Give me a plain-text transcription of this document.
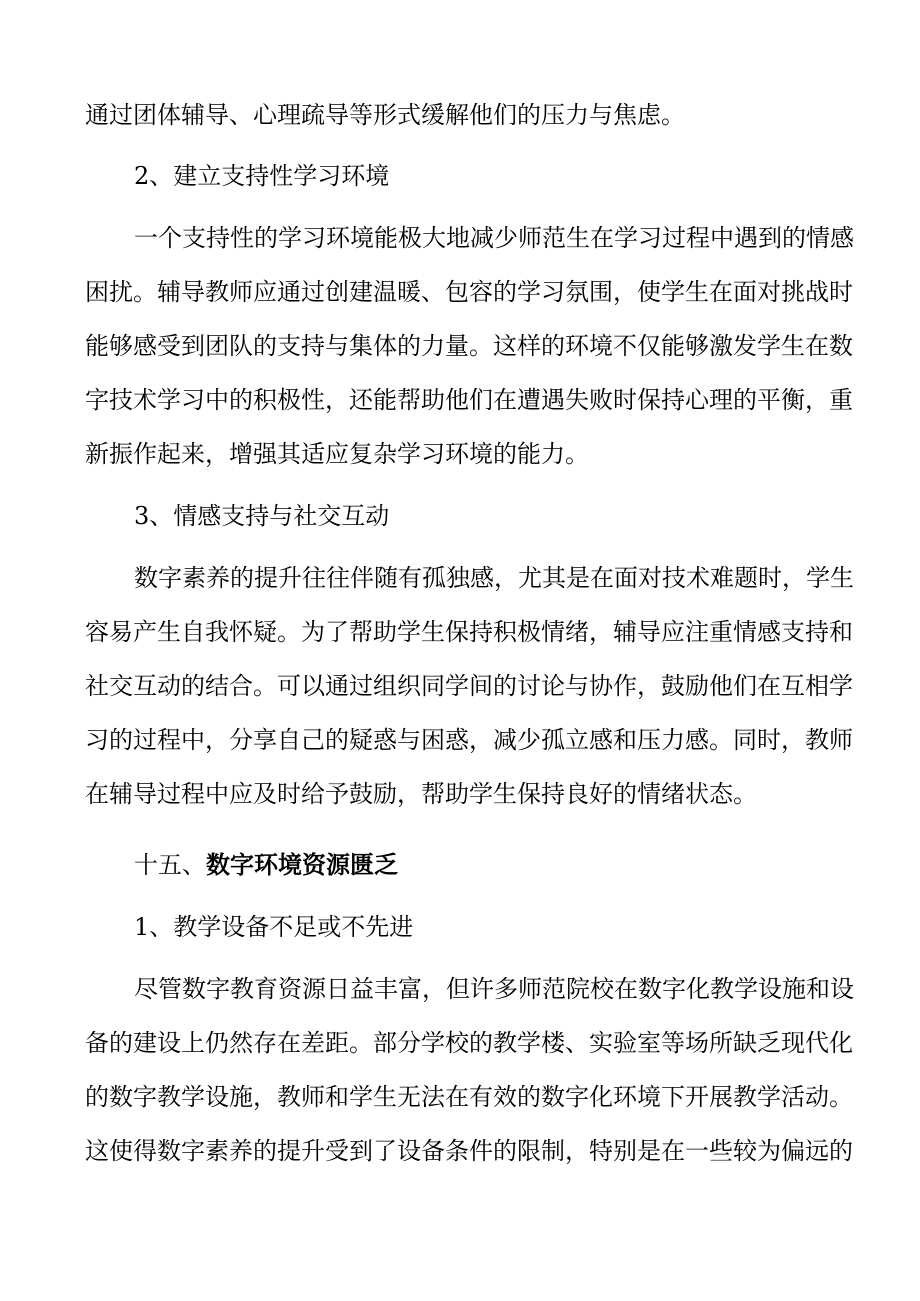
通过团体辅导、心理疏导等形式缓解他们的压力与焦虑。
2、建立支持性学习环境
一个支持性的学习环境能极大地减少师范生在学习过程中遇到的情感
困扰。辅导教师应通过创建温暖、包容的学习氛围，使学生在面对挑战时
能够感受到团队的支持与集体的力量。这样的环境不仅能够激发学生在数
字技术学习中的积极性，还能帮助他们在遭遇失败时保持心理的平衡，重
新振作起来，增强其适应复杂学习环境的能力。
3、情感支持与社交互动
数字素养的提升往往伴随有孤独感，尤其是在面对技术难题时，学生
容易产生自我怀疑。为了帮助学生保持积极情绪，辅导应注重情感支持和
社交互动的结合。可以通过组织同学间的讨论与协作，鼓励他们在互相学
习的过程中，分享自己的疑惑与困惑，减少孤立感和压力感。同时，教师
在辅导过程中应及时给予鼓励，帮助学生保持良好的情绪状态。
十五、数字环境资源匮乏
1、教学设备不足或不先进
尽管数字教育资源日益丰富，但许多师范院校在数字化教学设施和设
备的建设上仍然存在差距。部分学校的教学楼、实验室等场所缺乏现代化
的数字教学设施，教师和学生无法在有效的数字化环境下开展教学活动。
这使得数字素养的提升受到了设备条件的限制，特别是在一些较为偏远的
